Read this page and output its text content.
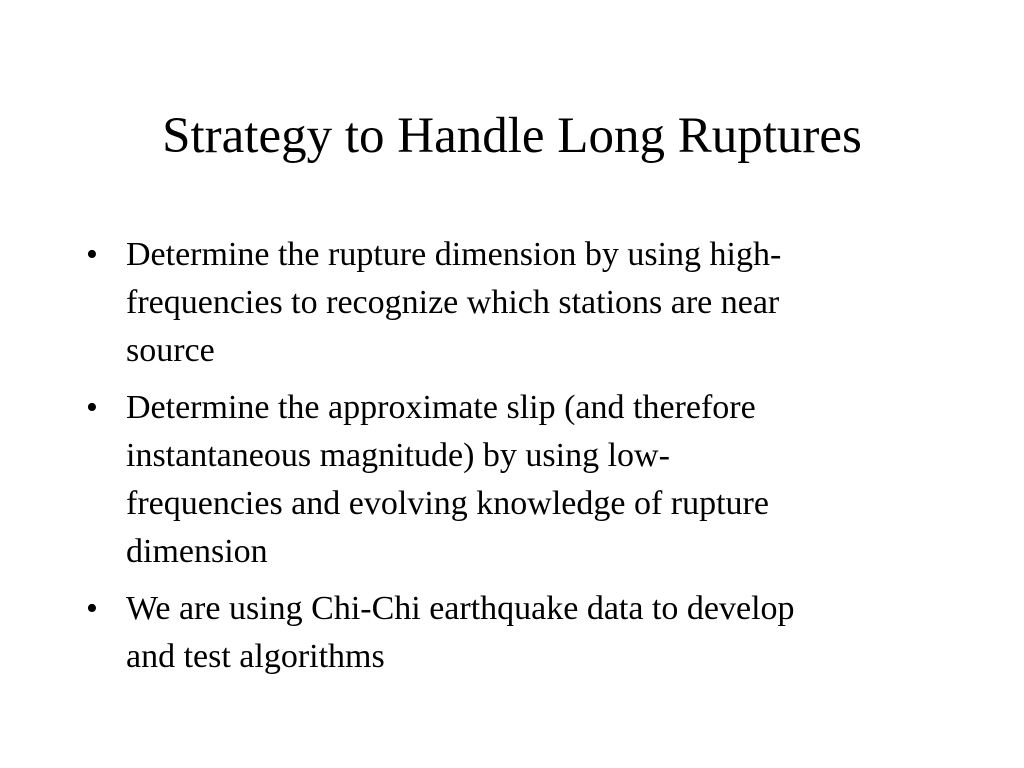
Strategy to Handle Long Ruptures
• Determine the rupture dimension by using high-
frequencies to recognize which stations are near
source
• Determine the approximate slip (and therefore
instantaneous magnitude) by using low-
frequencies and evolving knowledge of rupture
dimension
• We are using Chi-Chi earthquake data to develop
and test algorithms
